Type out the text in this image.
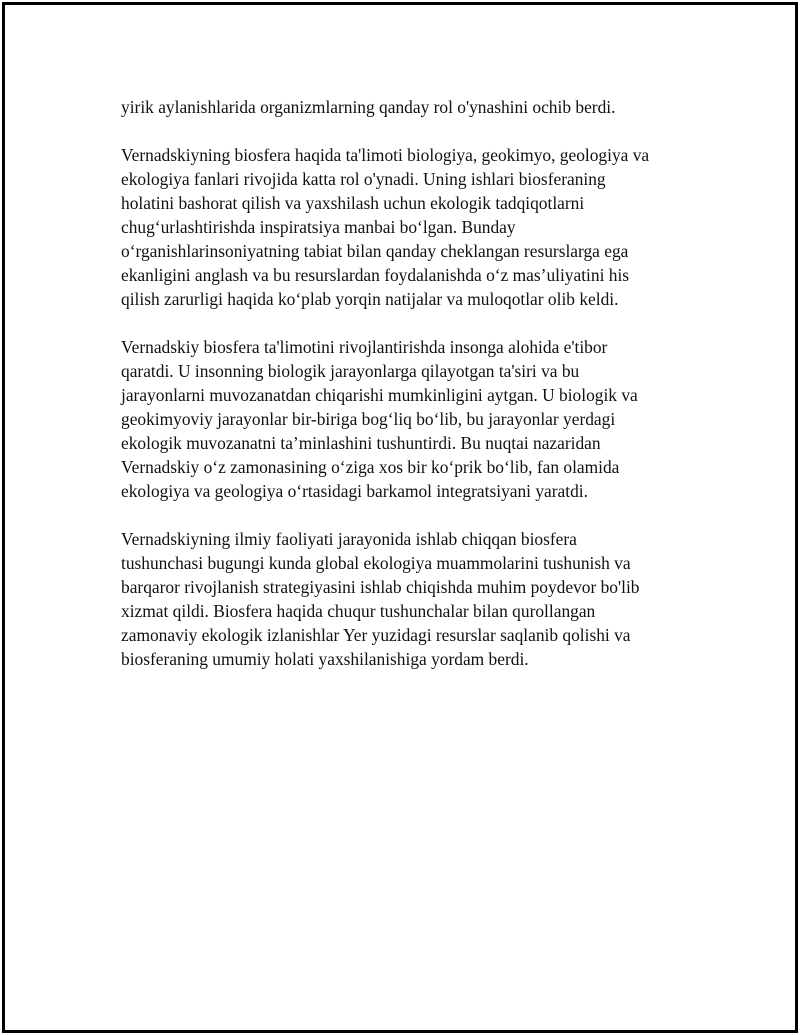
yirik aylanishlarida organizmlarning qanday rol o'ynashini ochib berdi.

Vernadskiyning biosfera haqida ta'limoti biologiya, geokimyo, geologiya va
ekologiya fanlari rivojida katta rol o'ynadi. Uning ishlari biosferaning
holatini bashorat qilish va yaxshilash uchun ekologik tadqiqotlarni
chug‘urlashtirishda inspiratsiya manbai bo‘lgan. Bunday
o‘rganishlarinsoniyatning tabiat bilan qanday cheklangan resurslarga ega
ekanligini anglash va bu resurslardan foydalanishda o‘z mas’uliyatini his
qilish zarurligi haqida ko‘plab yorqin natijalar va muloqotlar olib keldi.

Vernadskiy biosfera ta'limotini rivojlantirishda insonga alohida e'tibor
qaratdi. U insonning biologik jarayonlarga qilayotgan ta'siri va bu
jarayonlarni muvozanatdan chiqarishi mumkinligini aytgan. U biologik va
geokimyoviy jarayonlar bir-biriga bog‘liq bo‘lib, bu jarayonlar yerdagi
ekologik muvozanatni ta’minlashini tushuntirdi. Bu nuqtai nazaridan
Vernadskiy o‘z zamonasining o‘ziga xos bir ko‘prik bo‘lib, fan olamida
ekologiya va geologiya o‘rtasidagi barkamol integratsiyani yaratdi.

Vernadskiyning ilmiy faoliyati jarayonida ishlab chiqqan biosfera
tushunchasi bugungi kunda global ekologiya muammolarini tushunish va
barqaror rivojlanish strategiyasini ishlab chiqishda muhim poydevor bo'lib
xizmat qildi. Biosfera haqida chuqur tushunchalar bilan qurollangan
zamonaviy ekologik izlanishlar Yer yuzidagi resurslar saqlanib qolishi va
biosferaning umumiy holati yaxshilanishiga yordam berdi.
